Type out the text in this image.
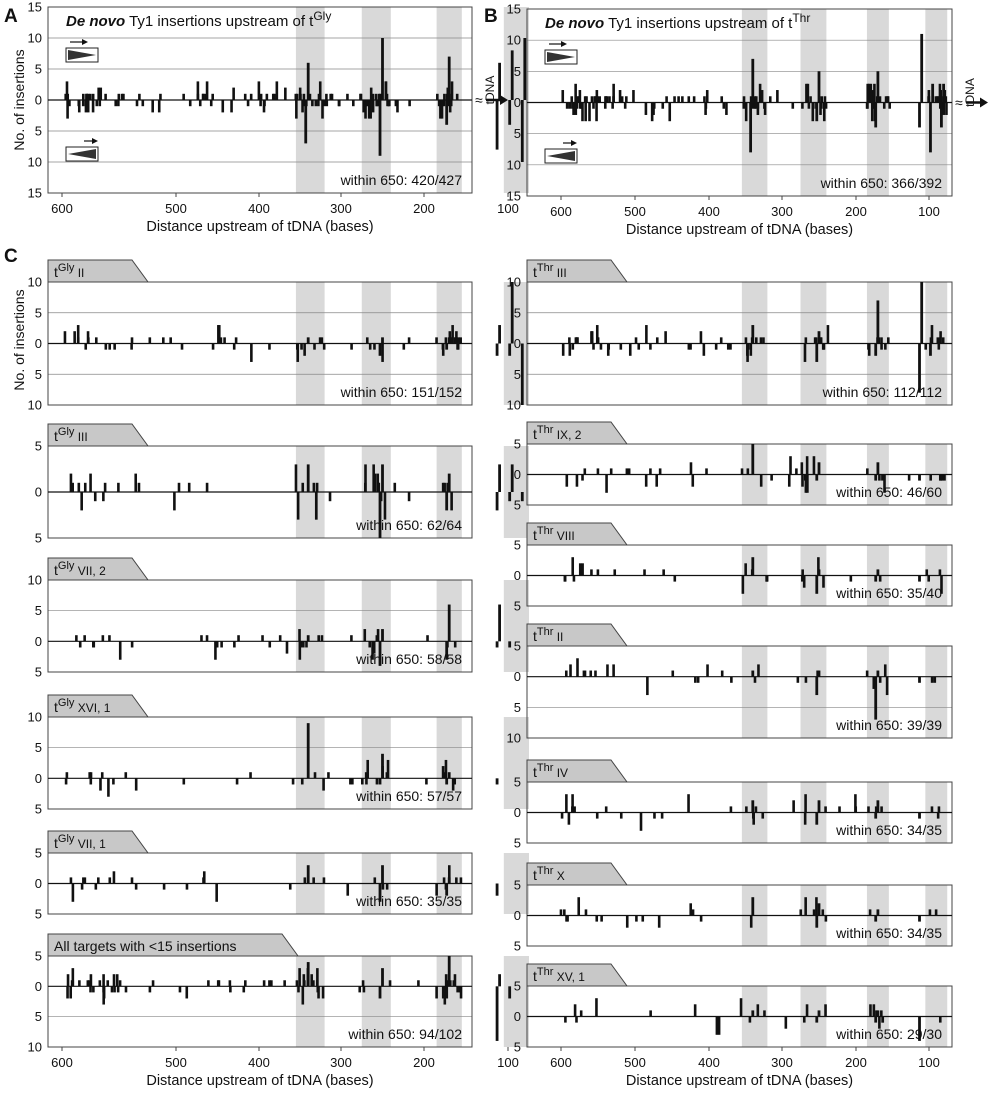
15
10
5
0
5
10
15
within 650: 420/427
600	500	400	300	200	100
Distance upstream of tDNA (bases)
De novo Ty1 insertions upstream of $t^{Gly}$
≈ tDNA
15
10
5
0
5
10
15
within 650: 366/392
600	500	400	300	200	100
Distance upstream of tDNA (bases)
De novo Ty1 insertions upstream of $t^{Thr}$
≈ tDNA
10
5
0
5
10
within 650: 151/152
$t^{Gly}$ II
5
0
5
within 650: 62/64
$t^{Gly}$ III
10
5
0
5
within 650: 58/58
$t^{Gly}$ VII, 2
10
5
0
5
within 650: 57/57
$t^{Gly}$ XVI, 1
5
0
5
within 650: 35/35
$t^{Gly}$ VII, 1
5
0
5
10
within 650: 94/102
600	500	400	300	200	100
Distance upstream of tDNA (bases)
All targets with <15 insertions
10
5
0
5
10
within 650: 112/112
$t^{Thr}$ III
5
0
5
within 650: 46/60
$t^{Thr}$ IX, 2
5
0
5
within 650: 35/40
$t^{Thr}$ VIII
5
0
5
10
within 650: 39/39
$t^{Thr}$ II
5
0
5
within 650: 34/35
$t^{Thr}$ IV
5
0
5
within 650: 34/35
$t^{Thr}$ X
5
0
5
within 650: 29/30
600	500	400	300	200	100
Distance upstream of tDNA (bases)
$t^{Thr}$ XV, 1
A	B
C
No. of insertions
No. of insertions
